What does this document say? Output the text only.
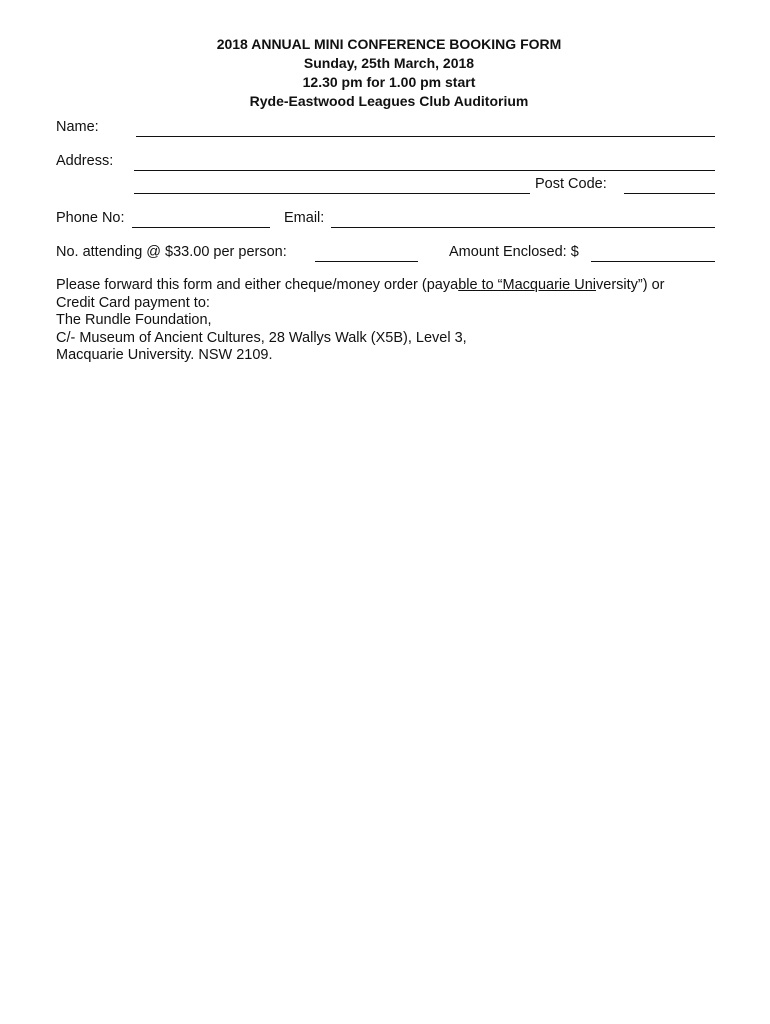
2018 ANNUAL MINI CONFERENCE BOOKING FORM
Sunday, 25th March, 2018
12.30 pm for 1.00 pm start
Ryde-Eastwood Leagues Club Auditorium
Name:
Address:
Post Code:
Phone No:	Email:
No. attending @ $33.00 per person:	Amount Enclosed: $
Please forward this form and either cheque/money order (payable to “Macquarie University”) or
Credit Card payment to:
The Rundle Foundation,
C/- Museum of Ancient Cultures, 28 Wallys Walk (X5B), Level 3,
Macquarie University. NSW 2109.
